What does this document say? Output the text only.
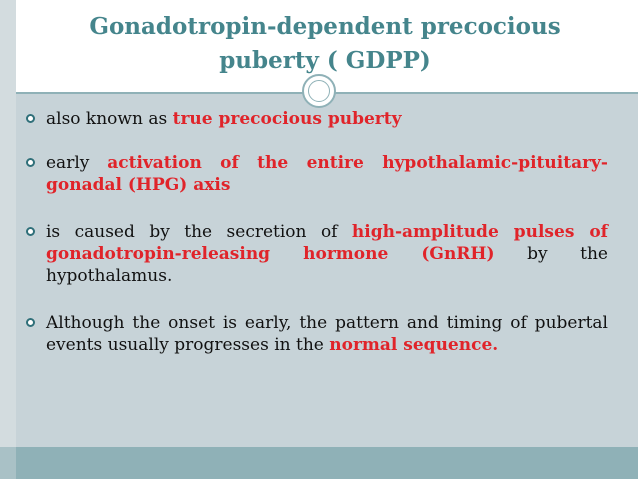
Gonadotropin-dependent precocious puberty ( GDPP)
also known as true precocious puberty
early activation of the entire hypothalamic-pituitary-gonadal (HPG) axis
is caused by the secretion of high-amplitude pulses of gonadotropin-releasing hormone (GnRH) by the hypothalamus.
Although the onset is early, the pattern and timing of pubertal events usually progresses in the normal sequence.
